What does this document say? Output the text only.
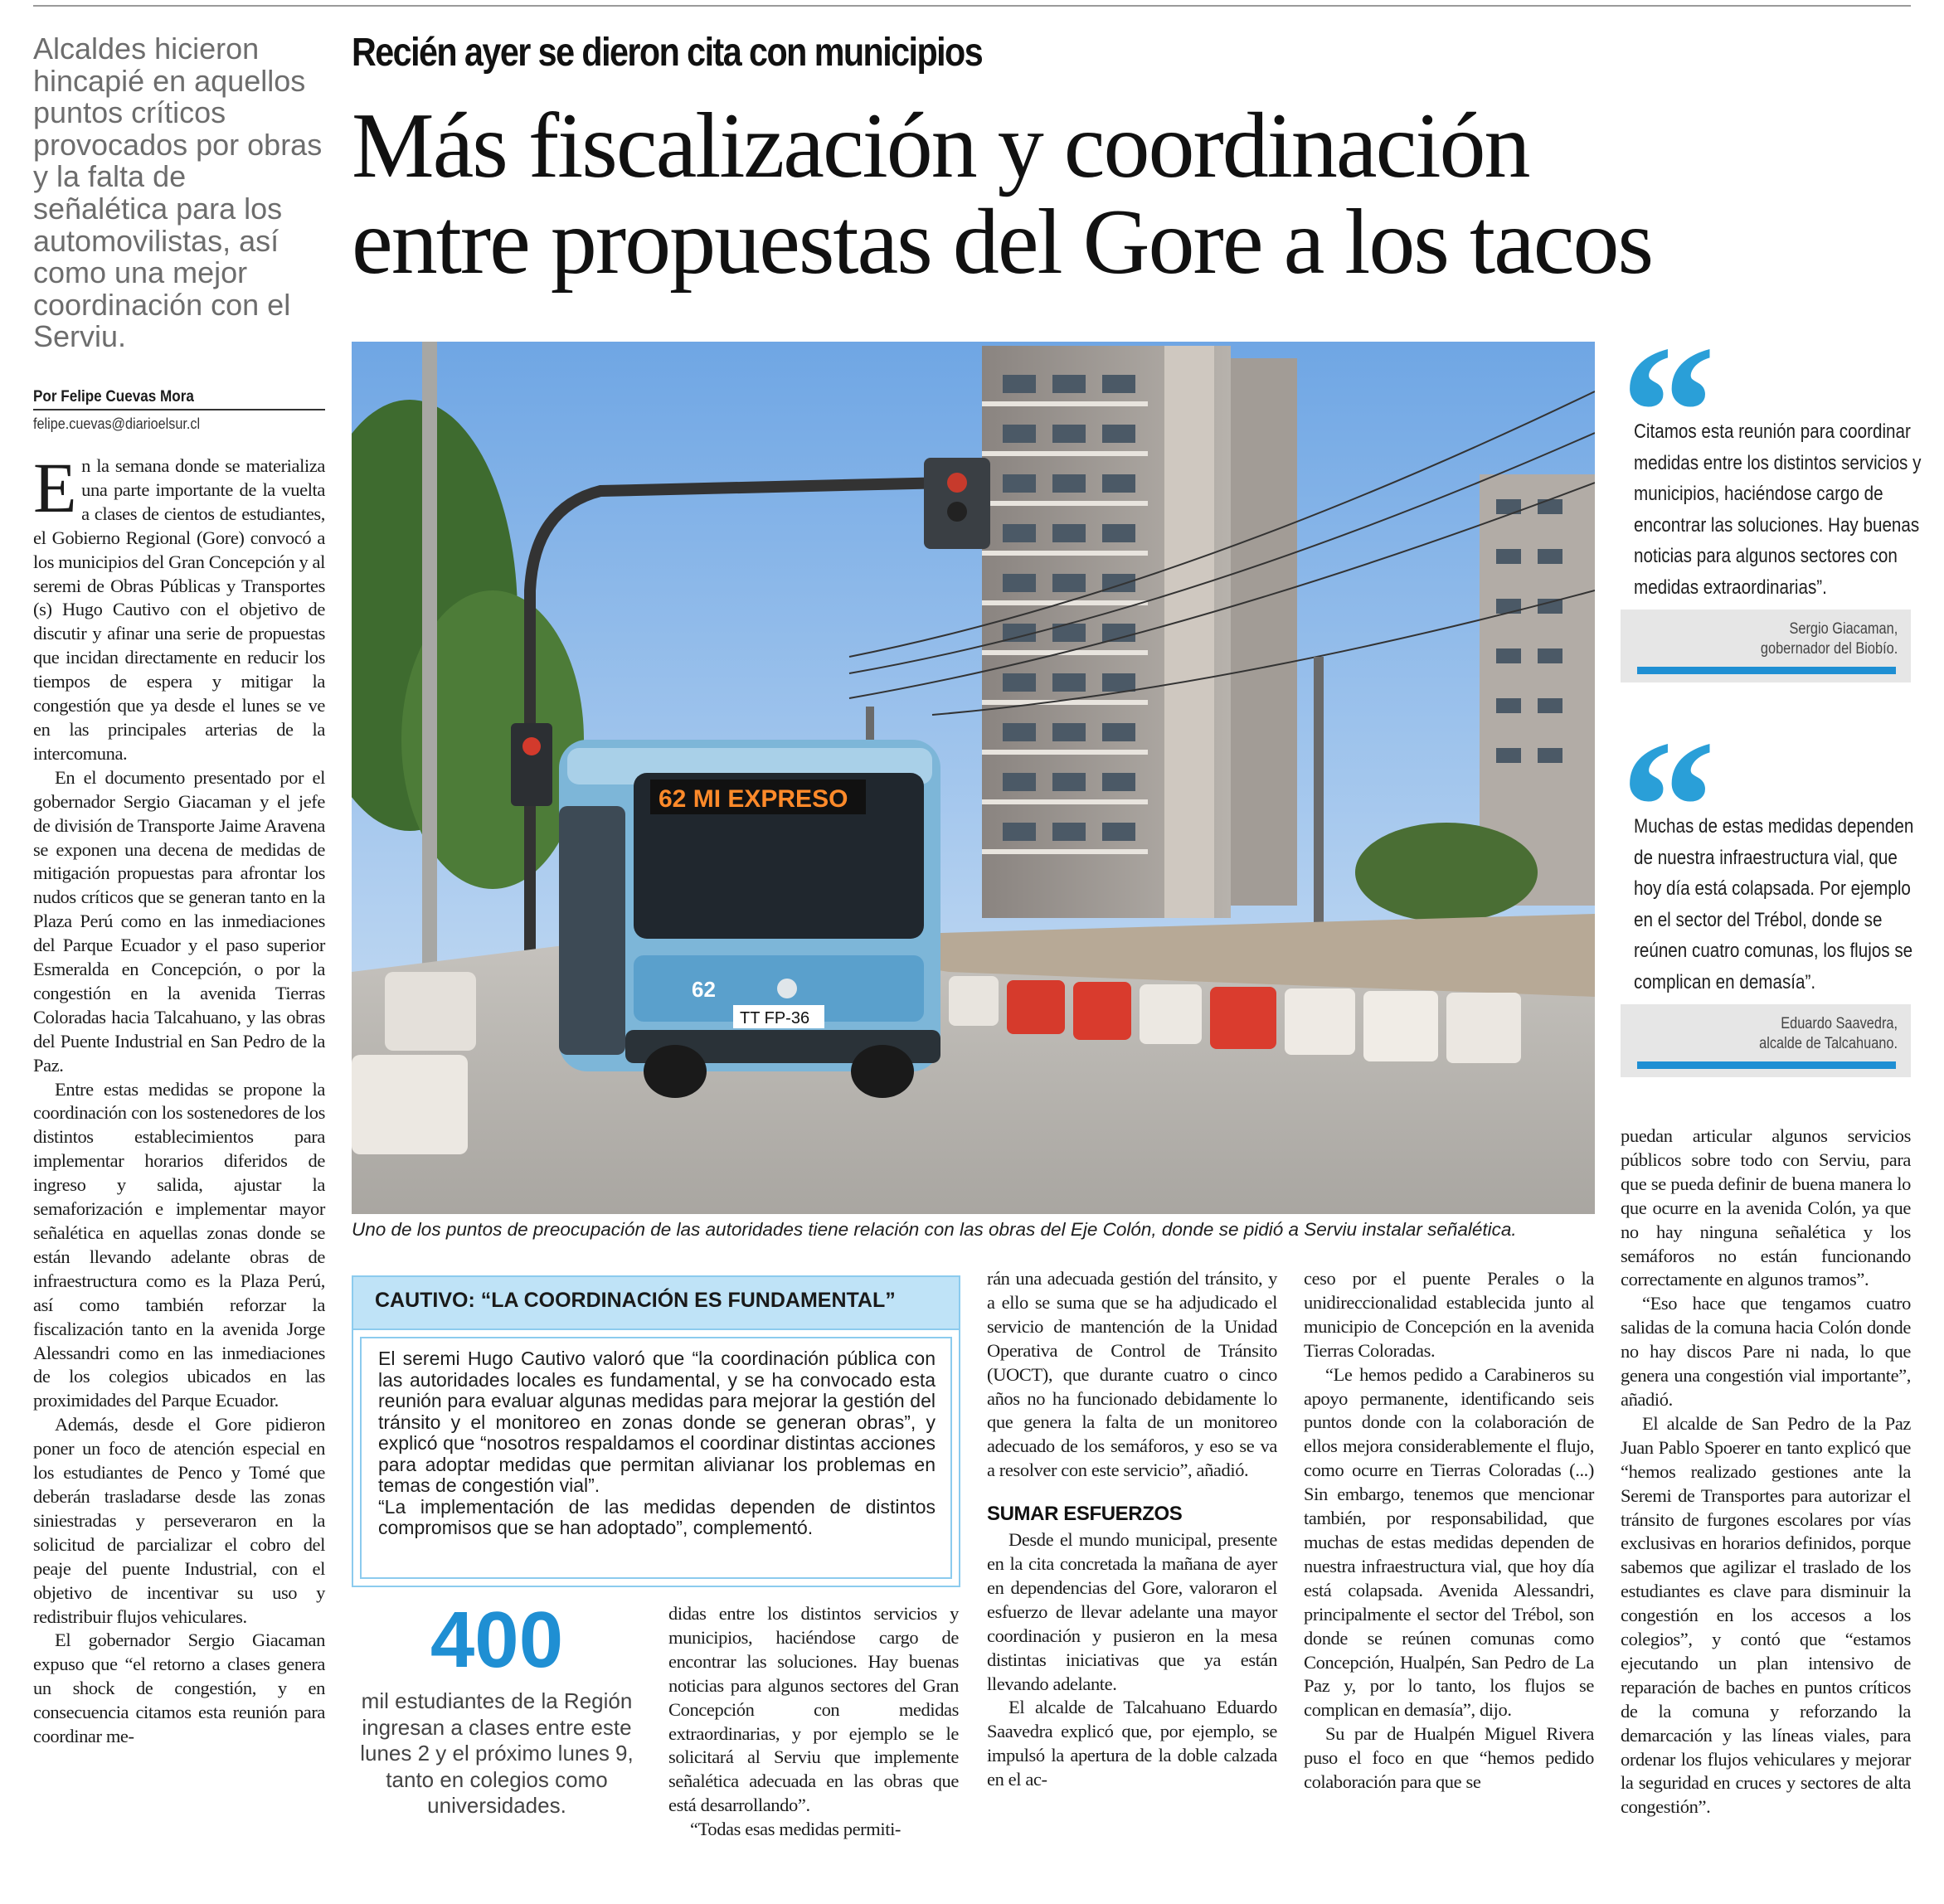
Alcaldes hicieron hincapié en aquellos puntos críticos provocados por obras y la falta de señalética para los automovilistas, así como una mejor coordinación con el Serviu.
Recién ayer se dieron cita con municipios
Más fiscalización y coordinación
entre propuestas del Gore a los tacos
Por Felipe Cuevas Mora
felipe.cuevas@diarioelsur.cl

En la semana donde se materializa una parte importante de la vuelta a clases de cientos de estudiantes, el Gobierno Regional (Gore) convocó a los municipios del Gran Concepción y al seremi de Obras Públicas y Transportes (s) Hugo Cautivo con el objetivo de discutir y afinar una serie de propuestas que incidan directamente en reducir los tiempos de espera y mitigar la congestión que ya desde el lunes se ve en las principales arterias de la intercomuna.

En el documento presentado por el gobernador Sergio Giacaman y el jefe de división de Transporte Jaime Aravena se exponen una decena de medidas de mitigación propuestas para afrontar los nudos críticos que se generan tanto en la Plaza Perú como en las inmediaciones del Parque Ecuador y el paso superior Esmeralda en Concepción, o por la congestión en la avenida Tierras Coloradas hacia Talcahuano, y las obras del Puente Industrial en San Pedro de la Paz.

Entre estas medidas se propone la coordinación con los sostenedores de los distintos establecimientos para implementar horarios diferidos de ingreso y salida, ajustar la semaforización e implementar mayor señalética en aquellas zonas donde se están llevando adelante obras de infraestructura como es la Plaza Perú, así como también reforzar la fiscalización tanto en la avenida Jorge Alessandri como en las inmediaciones de los colegios ubicados en las proximidades del Parque Ecuador.

Además, desde el Gore pidieron poner un foco de atención especial en los estudiantes de Penco y Tomé que deberán trasladarse desde las zonas siniestradas y perseveraron en la solicitud de parcializar el cobro del peaje del puente Industrial, con el objetivo de incentivar su uso y redistribuir flujos vehiculares.

El gobernador Sergio Giacaman expuso que “el retorno a clases genera un shock de congestión, y en consecuencia citamos esta reunión para coordinar me-

62 MI EXPRESO
62
TT FP-36
Uno de los puntos de preocupación de las autoridades tiene relación con las obras del Eje Colón, donde se pidió a Serviu instalar señalética.
“
Citamos esta reunión para coordinar medidas entre los distintos servicios y municipios, haciéndose cargo de encontrar las soluciones. Hay buenas noticias para algunos sectores con medidas extraordinarias”.
Sergio Giacaman,
gobernador del Biobío.
“
Muchas de estas medidas dependen de nuestra infraestructura vial, que hoy día está colapsada. Por ejemplo en el sector del Trébol, donde se reúnen cuatro comunas, los flujos se complican en demasía”.
Eduardo Saavedra,
alcalde de Talcahuano.
CAUTIVO: “LA COORDINACIÓN ES FUNDAMENTAL”

El seremi Hugo Cautivo valoró que “la coordinación pública con las autoridades locales es fundamental, y se ha convocado esta reunión para evaluar algunas medidas para mejorar la gestión del tránsito y el monitoreo en zonas donde se generan obras”, y explicó que “nosotros respaldamos el coordinar distintas acciones para adoptar medidas que permitan alivianar los problemas en temas de congestión vial”.

“La implementación de las medidas dependen de distintos compromisos que se han adoptado”, complementó.

400
mil estudiantes de la Región ingresan a clases entre este lunes 2 y el próximo lunes 9, tanto en colegios como universidades.

didas entre los distintos servicios y municipios, haciéndose cargo de encontrar las soluciones. Hay buenas noticias para algunos sectores del Gran Concepción con medidas extraordinarias, y por ejemplo se le solicitará al Serviu que implemente señalética adecuada en las obras que está desarrollando”.

“Todas esas medidas permiti-

rán una adecuada gestión del tránsito, y a ello se suma que se ha adjudicado el servicio de mantención de la Unidad Operativa de Control de Tránsito (UOCT), que durante cuatro o cinco años no ha funcionado debidamente lo que genera la falta de un monitoreo adecuado de los semáforos, y eso se va a resolver con este servicio”, añadió.

SUMAR ESFUERZOS

Desde el mundo municipal, presente en la cita concretada la mañana de ayer en dependencias del Gore, valoraron el esfuerzo de llevar adelante una mayor coordinación y pusieron en la mesa distintas iniciativas que ya están llevando adelante.

El alcalde de Talcahuano Eduardo Saavedra explicó que, por ejemplo, se impulsó la apertura de la doble calzada en el ac-

ceso por el puente Perales o la unidireccionalidad establecida junto al municipio de Concepción en la avenida Tierras Coloradas.

“Le hemos pedido a Carabineros su apoyo permanente, identificando seis puntos donde con la colaboración de ellos mejora considerablemente el flujo, como ocurre en Tierras Coloradas (...) Sin embargo, tenemos que mencionar también, por responsabilidad, que muchas de estas medidas dependen de nuestra infraestructura vial, que hoy día está colapsada. Avenida Alessandri, principalmente el sector del Trébol, son donde se reúnen comunas como Concepción, Hualpén, San Pedro de La Paz y, por lo tanto, los flujos se complican en demasía”, dijo.

Su par de Hualpén Miguel Rivera puso el foco en que “hemos pedido colaboración para que se

puedan articular algunos servicios públicos sobre todo con Serviu, para que se pueda definir de buena manera lo que ocurre en la avenida Colón, ya que no hay ninguna señalética y los semáforos no están funcionando correctamente en algunos tramos”.

“Eso hace que tengamos cuatro salidas de la comuna hacia Colón donde no hay discos Pare ni nada, lo que genera una congestión vial importante”, añadió.

El alcalde de San Pedro de la Paz Juan Pablo Spoerer en tanto explicó que “hemos realizado gestiones ante la Seremi de Transportes para autorizar el tránsito de furgones escolares por vías exclusivas en horarios definidos, porque sabemos que agilizar el traslado de los estudiantes es clave para disminuir la congestión en los accesos a los colegios”, y contó que “estamos ejecutando un plan intensivo de reparación de baches en puntos críticos de la comuna y reforzando la demarcación y las líneas viales, para ordenar los flujos vehiculares y mejorar la seguridad en cruces y sectores de alta congestión”.
